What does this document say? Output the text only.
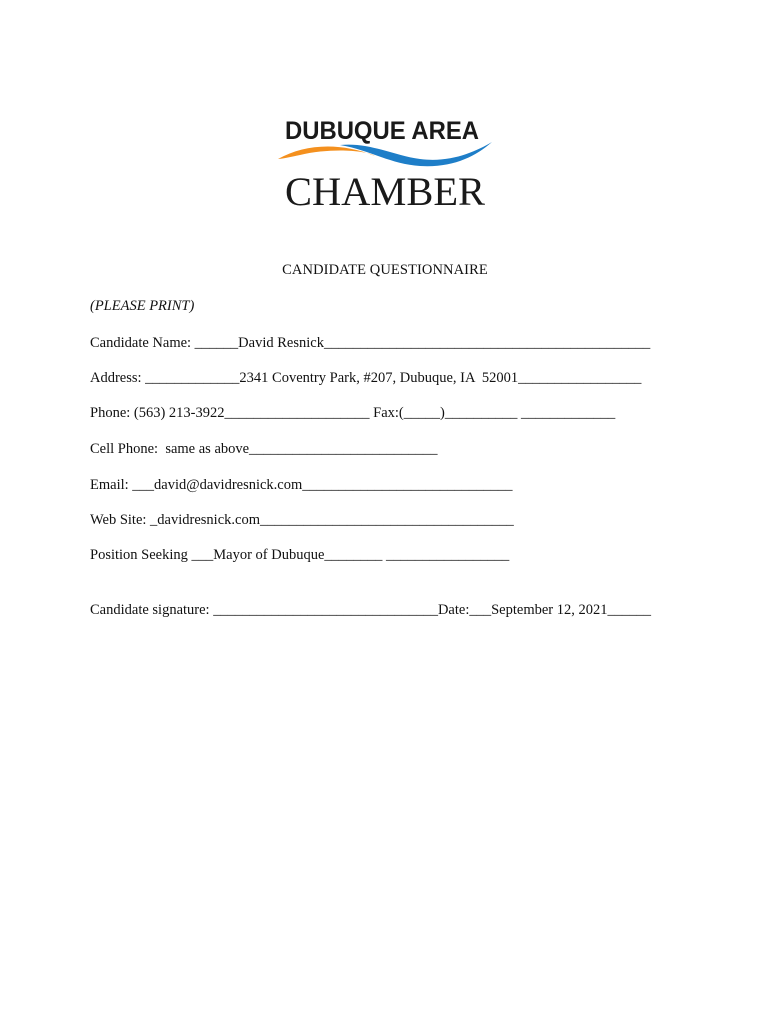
DUBUQUE AREA
CHAMBER
CANDIDATE QUESTIONNAIRE
(PLEASE PRINT)
Candidate Name: ______David Resnick_____________________________________________
Address: _____________2341 Coventry Park, #207, Dubuque, IA  52001_________________
Phone: (563) 213-3922____________________ Fax:(_____)__________ _____________
Cell Phone:  same as above__________________________
Email: ___david@davidresnick.com_____________________________
Web Site: _davidresnick.com___________________________________
Position Seeking ___Mayor of Dubuque________ _________________
Candidate signature: _______________________________Date:___September 12, 2021______
